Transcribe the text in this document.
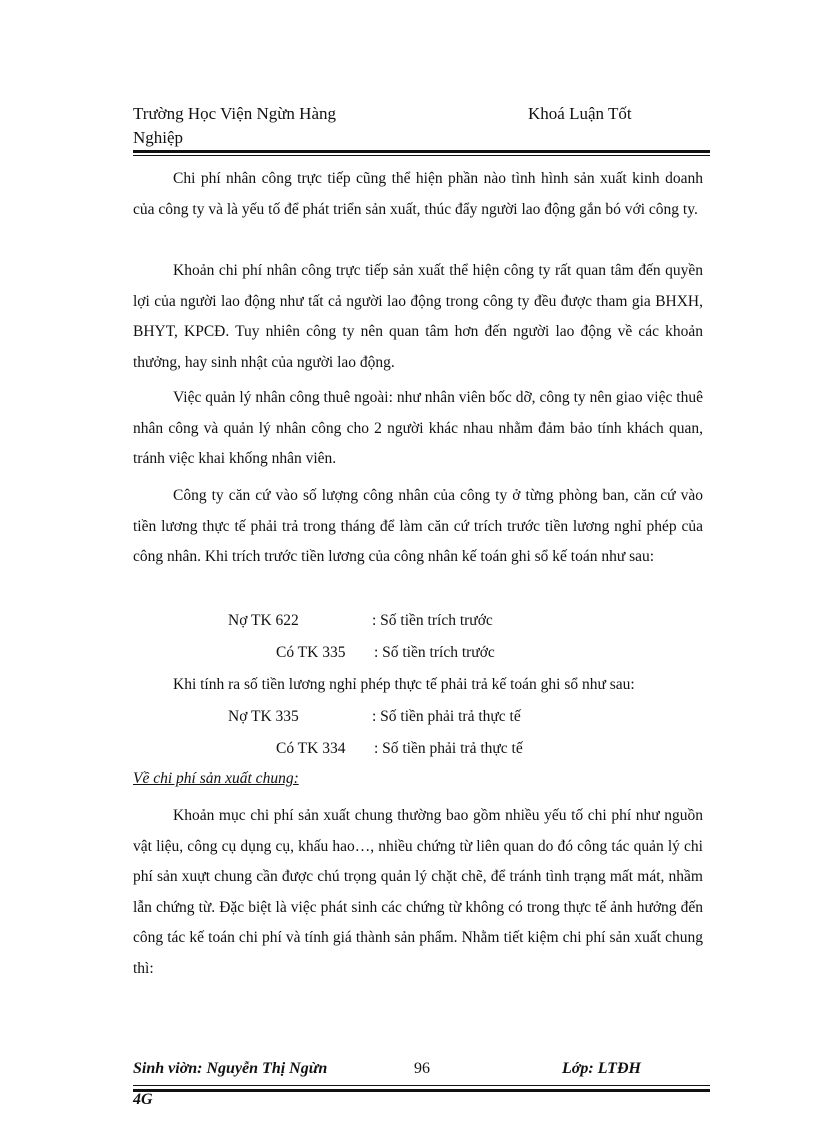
Trường Học Viện Ngừn Hàng
Nghiệp
Khoá Luận Tốt
Chi phí nhân công trực tiếp cũng thể hiện phần nào tình hình sản xuất kinh doanh của công ty và là yếu tố để phát triển sản xuất, thúc đẩy người lao động gắn bó với công ty.
Khoản chi phí nhân công trực tiếp sản xuất thể hiện công ty rất quan tâm đến quyền lợi của người lao động như tất cả người lao động trong công ty đều được tham gia BHXH, BHYT, KPCĐ. Tuy nhiên công ty nên quan tâm hơn đến người lao động về các khoản thưởng, hay sinh nhật của người lao động.
Việc quản lý nhân công thuê ngoài: như nhân viên bốc dỡ, công ty nên giao việc thuê nhân công và quản lý nhân công cho 2 người khác nhau nhằm đảm bảo tính khách quan, tránh việc khai khống nhân viên.
Công ty căn cứ vào số lượng công nhân của công ty ở từng phòng ban, căn cứ vào tiền lương thực tế phải trả trong tháng để làm căn cứ trích trước tiền lương nghỉ phép của công nhân. Khi trích trước tiền lương của công nhân kế toán ghi sổ kế toán như sau:
Nợ TK 622	: Số tiền trích trước
Có TK 335 : Số tiền trích trước
Khi tính ra số tiền lương nghỉ phép thực tế phải trả kế toán ghi sổ như sau:
Nợ TK 335	: Số tiền phải trả thực tế
Có TK 334 : Số tiền phải trả thực tế
Về chi phí sản xuất chung:
Khoản mục chi phí sản xuất chung thường bao gồm nhiều yếu tố chi phí như nguồn vật liệu, công cụ dụng cụ, khấu hao…, nhiều chứng từ liên quan do đó công tác quản lý chi phí sản xuựt chung cần được chú trọng quản lý chặt chẽ, để tránh tình trạng mất mát, nhầm lẫn chứng từ. Đặc biệt là việc phát sinh các chứng từ không có trong thực tế ảnh hưởng đến công tác kế toán chi phí và tính giá thành sản phẩm. Nhằm tiết kiệm chi phí sản xuất chung thì:
Sinh viờn: Nguyễn Thị Ngừn	96	Lớp: LTĐH
4G
